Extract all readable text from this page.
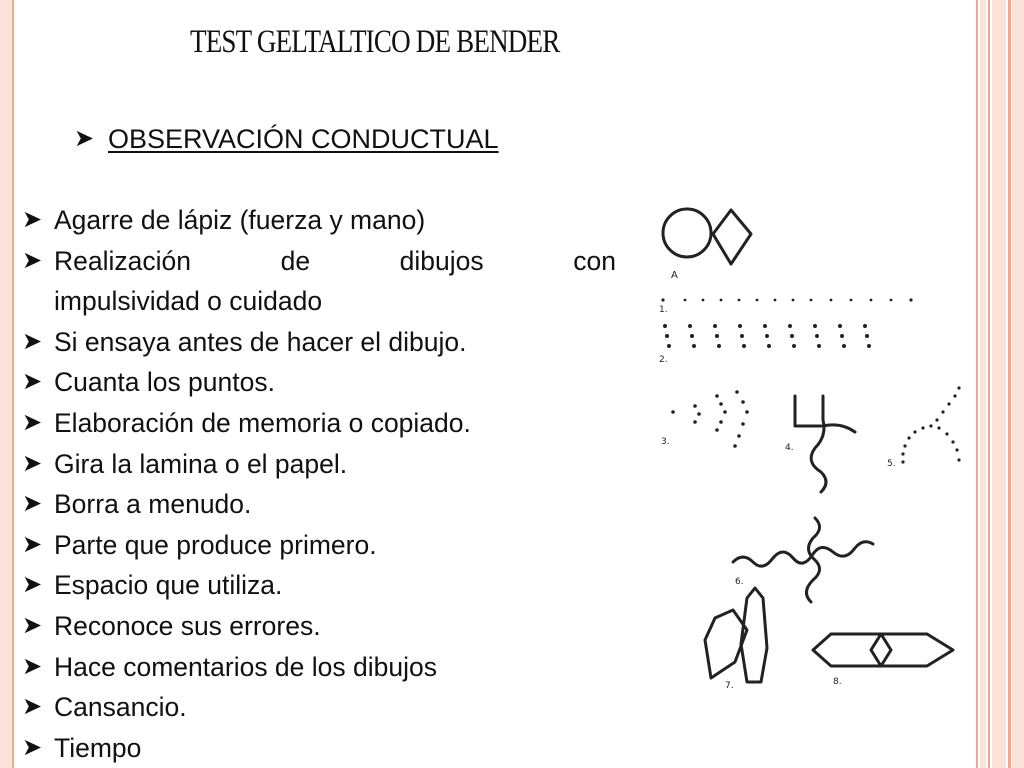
TEST GELTALTICO DE BENDER
➤ OBSERVACIÓN CONDUCTUAL
➤ Agarre de lápiz (fuerza y mano)
➤ Realización de dibujos con
impulsividad o cuidado
➤ Si ensaya antes de hacer el dibujo.
➤ Cuanta los puntos.
➤ Elaboración de memoria o copiado.
➤ Gira la lamina o el papel.
➤ Borra a menudo.
➤ Parte que produce primero.
➤ Espacio que utiliza.
➤ Reconoce sus errores.
➤ Hace comentarios de los dibujos
➤ Cansancio.
➤ Tiempo
A
1.
2.
3.
4.
5.
6.
7.	8.
